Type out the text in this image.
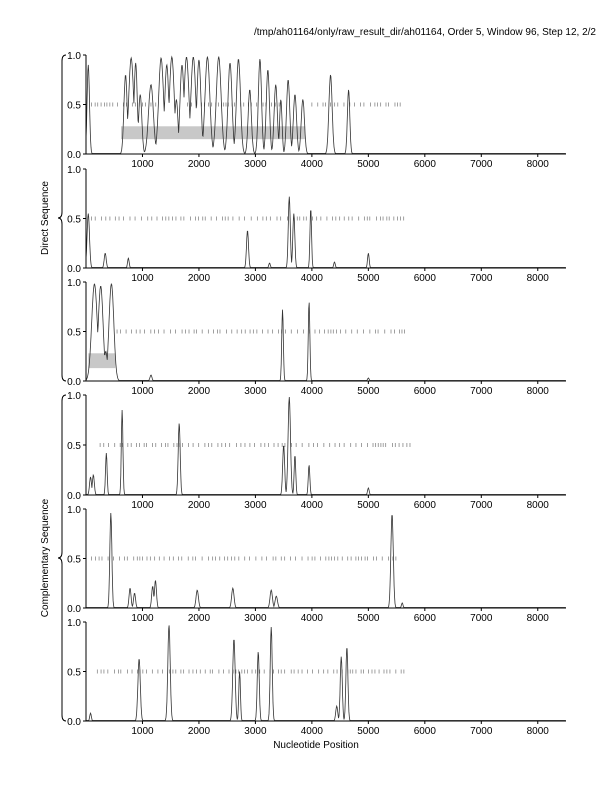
/tmp/ah01164/only/raw_result_dir/ah01164, Order 5, Window 96, Step 12, 2/2
0.0
0.5
1.0
1000	2000	3000	4000	5000	6000	7000	8000
0.0
0.5
1.0
1000	2000	3000	4000	5000	6000	7000	8000
0.0
0.5
1.0
1000	2000	3000	4000	5000	6000	7000	8000
0.0
0.5
1.0
1000	2000	3000	4000	5000	6000	7000	8000
0.0
0.5
1.0
1000	2000	3000	4000	5000	6000	7000	8000
0.0
0.5
1.0
1000	2000	3000	4000	5000	6000	7000	8000
Direct Sequence
Complementary Sequence
Nucleotide Position
